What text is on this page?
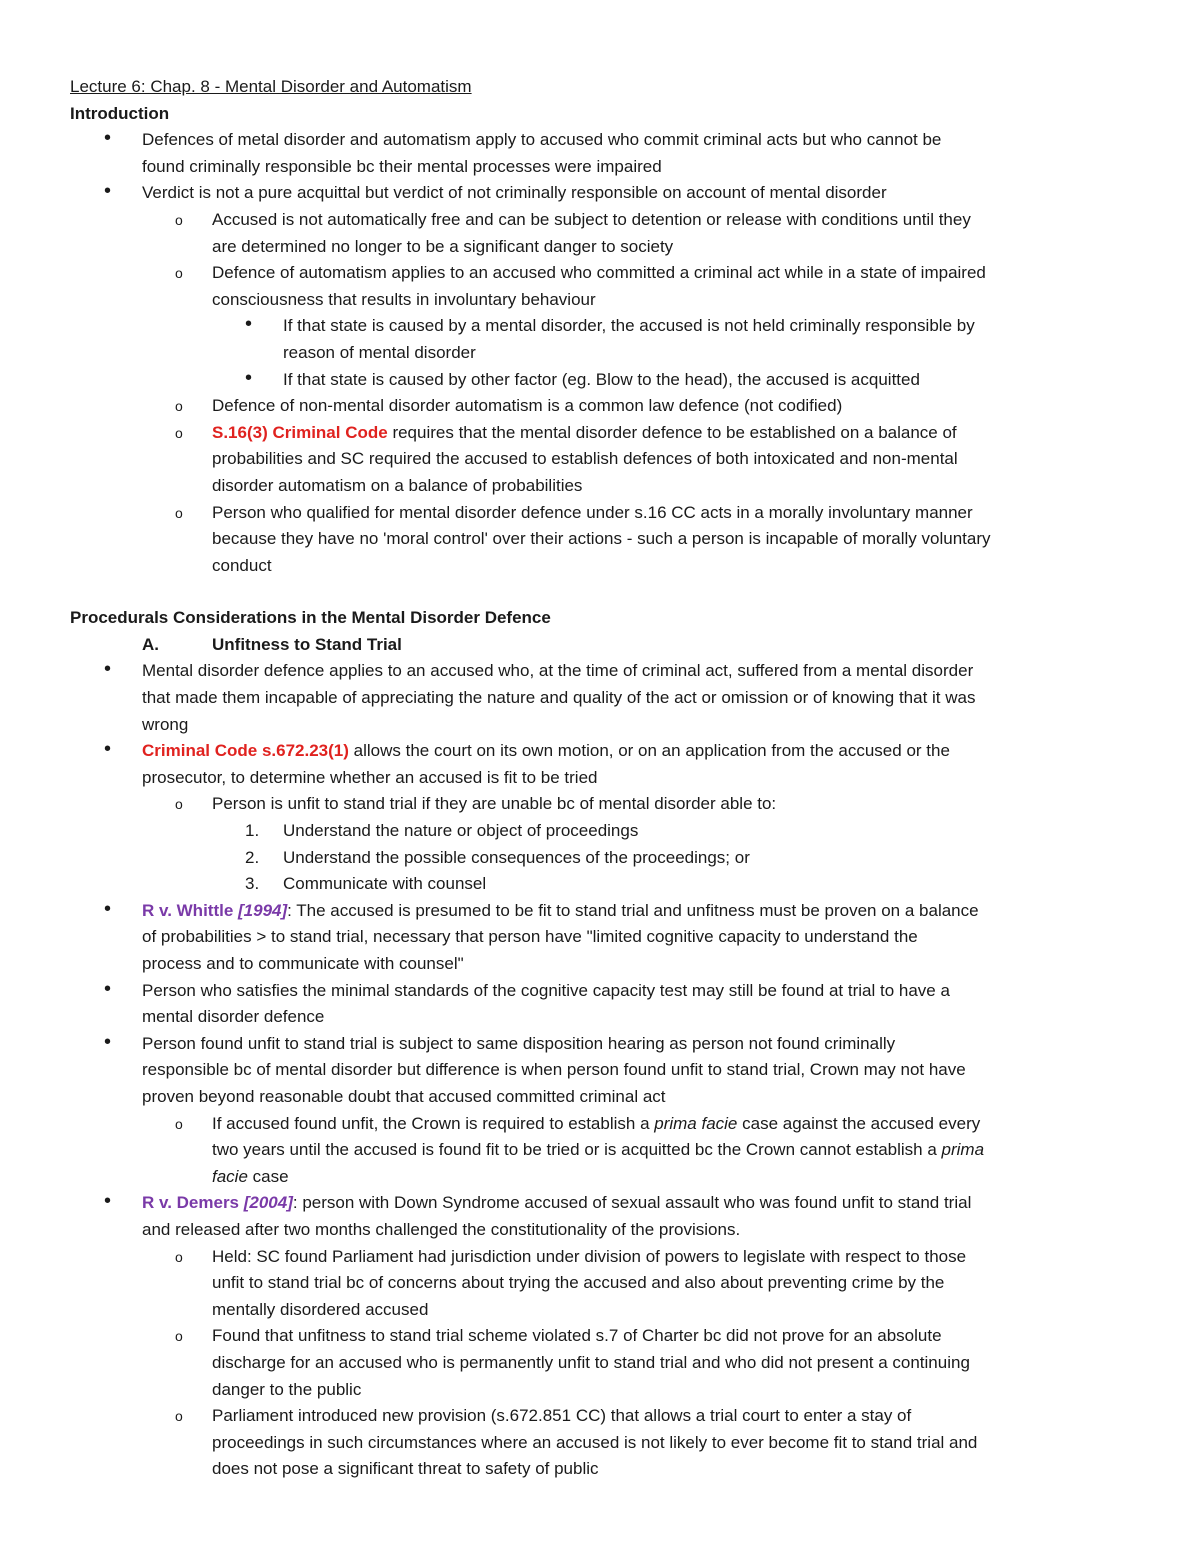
Lecture 6: Chap. 8 - Mental Disorder and Automatism
Introduction
• Defences of metal disorder and automatism apply to accused who commit criminal acts but who cannot be
found criminally responsible bc their mental processes were impaired
• Verdict is not a pure acquittal but verdict of not criminally responsible on account of mental disorder
o Accused is not automatically free and can be subject to detention or release with conditions until they
are determined no longer to be a significant danger to society
o Defence of automatism applies to an accused who committed a criminal act while in a state of impaired
consciousness that results in involuntary behaviour
• If that state is caused by a mental disorder, the accused is not held criminally responsible by
reason of mental disorder
• If that state is caused by other factor (eg. Blow to the head), the accused is acquitted
o Defence of non-mental disorder automatism is a common law defence (not codified)
o S.16(3) Criminal Code requires that the mental disorder defence to be established on a balance of
probabilities and SC required the accused to establish defences of both intoxicated and non-mental
disorder automatism on a balance of probabilities
o Person who qualified for mental disorder defence under s.16 CC acts in a morally involuntary manner
because they have no 'moral control' over their actions - such a person is incapable of morally voluntary
conduct
Procedurals Considerations in the Mental Disorder Defence
A.	Unfitness to Stand Trial
• Mental disorder defence applies to an accused who, at the time of criminal act, suffered from a mental disorder
that made them incapable of appreciating the nature and quality of the act or omission or of knowing that it was
wrong
• Criminal Code s.672.23(1) allows the court on its own motion, or on an application from the accused or the
prosecutor, to determine whether an accused is fit to be tried
o Person is unfit to stand trial if they are unable bc of mental disorder able to:
1. Understand the nature or object of proceedings
2. Understand the possible consequences of the proceedings; or
3. Communicate with counsel
• R v. Whittle [1994]: The accused is presumed to be fit to stand trial and unfitness must be proven on a balance
of probabilities > to stand trial, necessary that person have "limited cognitive capacity to understand the
process and to communicate with counsel"
• Person who satisfies the minimal standards of the cognitive capacity test may still be found at trial to have a
mental disorder defence
• Person found unfit to stand trial is subject to same disposition hearing as person not found criminally
responsible bc of mental disorder but difference is when person found unfit to stand trial, Crown may not have
proven beyond reasonable doubt that accused committed criminal act
o If accused found unfit, the Crown is required to establish a prima facie case against the accused every
two years until the accused is found fit to be tried or is acquitted bc the Crown cannot establish a prima
facie case
• R v. Demers [2004]: person with Down Syndrome accused of sexual assault who was found unfit to stand trial
and released after two months challenged the constitutionality of the provisions.
o Held: SC found Parliament had jurisdiction under division of powers to legislate with respect to those
unfit to stand trial bc of concerns about trying the accused and also about preventing crime by the
mentally disordered accused
o Found that unfitness to stand trial scheme violated s.7 of Charter bc did not prove for an absolute
discharge for an accused who is permanently unfit to stand trial and who did not present a continuing
danger to the public
o Parliament introduced new provision (s.672.851 CC) that allows a trial court to enter a stay of
proceedings in such circumstances where an accused is not likely to ever become fit to stand trial and
does not pose a significant threat to safety of public
